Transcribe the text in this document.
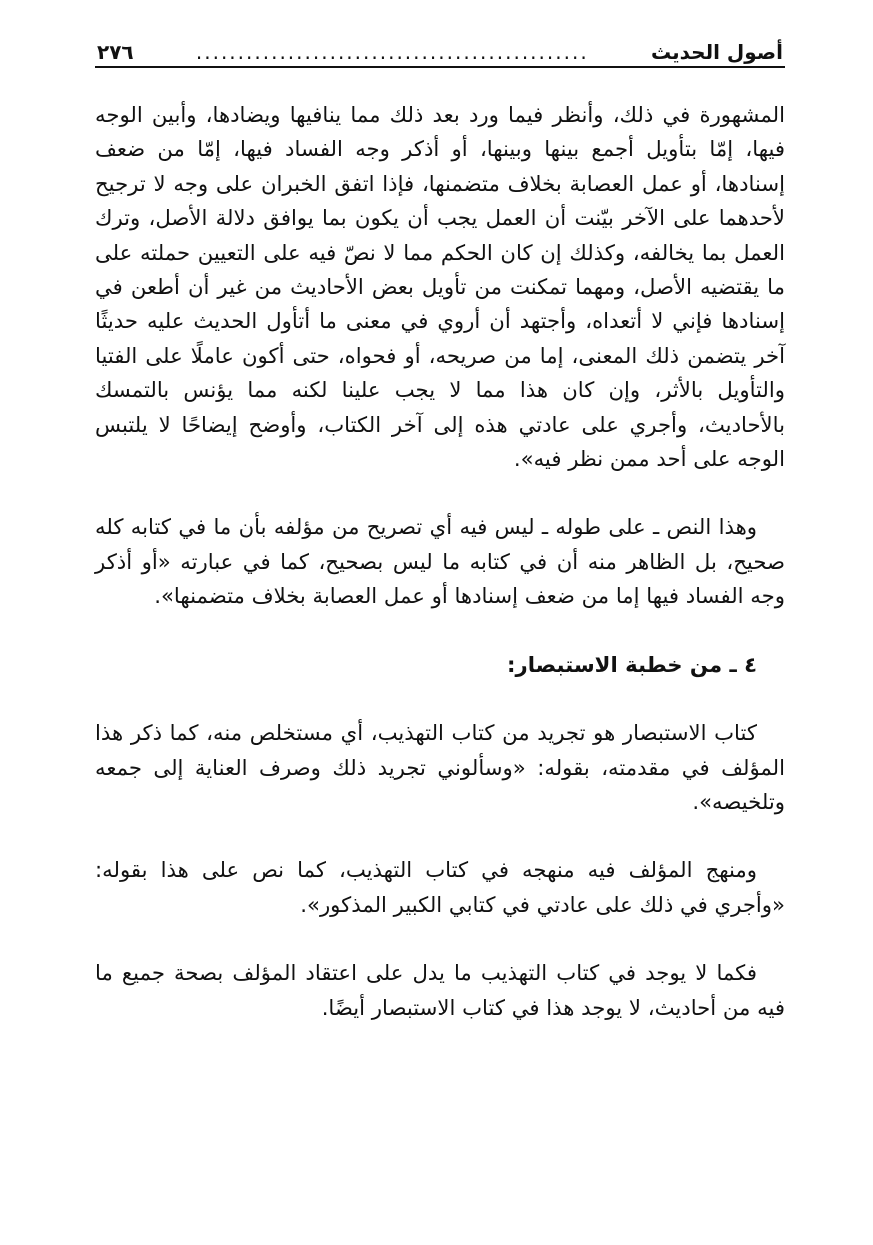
أصول الحديث
...............................................
٢٧٦

المشهورة في ذلك، وأنظر فيما ورد بعد ذلك مما ينافيها ويضادها، وأبين الوجه فيها، إمّا بتأويل أجمع بينها وبينها، أو أذكر وجه الفساد فيها، إمّا من ضعف إسنادها، أو عمل العصابة بخلاف متضمنها، فإذا اتفق الخبران على وجه لا ترجيح لأحدهما على الآخر بيّنت أن العمل يجب أن يكون بما يوافق دلالة الأصل، وترك العمل بما يخالفه، وكذلك إن كان الحكم مما لا نصّ فيه على التعيين حملته على ما يقتضيه الأصل، ومهما تمكنت من تأويل بعض الأحاديث من غير أن أطعن في إسنادها فإني لا أتعداه، وأجتهد أن أروي في معنى ما أتأول الحديث عليه حديثًا آخر يتضمن ذلك المعنى، إما من صريحه، أو فحواه، حتى أكون عاملًا على الفتيا والتأويل بالأثر، وإن كان هذا مما لا يجب علينا لكنه مما يؤنس بالتمسك بالأحاديث، وأجري على عادتي هذه إلى آخر الكتاب، وأوضح إيضاحًا لا يلتبس الوجه على أحد ممن نظر فيه».

وهذا النص ـ على طوله ـ ليس فيه أي تصريح من مؤلفه بأن ما في كتابه كله صحيح، بل الظاهر منه أن في كتابه ما ليس بصحيح، كما في عبارته «أو أذكر وجه الفساد فيها إما من ضعف إسنادها أو عمل العصابة بخلاف متضمنها».

٤ ـ من خطبة الاستبصار:

كتاب الاستبصار هو تجريد من كتاب التهذيب، أي مستخلص منه، كما ذكر هذا المؤلف في مقدمته، بقوله: «وسألوني تجريد ذلك وصرف العناية إلى جمعه وتلخيصه».

ومنهج المؤلف فيه منهجه في كتاب التهذيب، كما نص على هذا بقوله: «وأجري في ذلك على عادتي في كتابي الكبير المذكور».

فكما لا يوجد في كتاب التهذيب ما يدل على اعتقاد المؤلف بصحة جميع ما فيه من أحاديث، لا يوجد هذا في كتاب الاستبصار أيضًا.
